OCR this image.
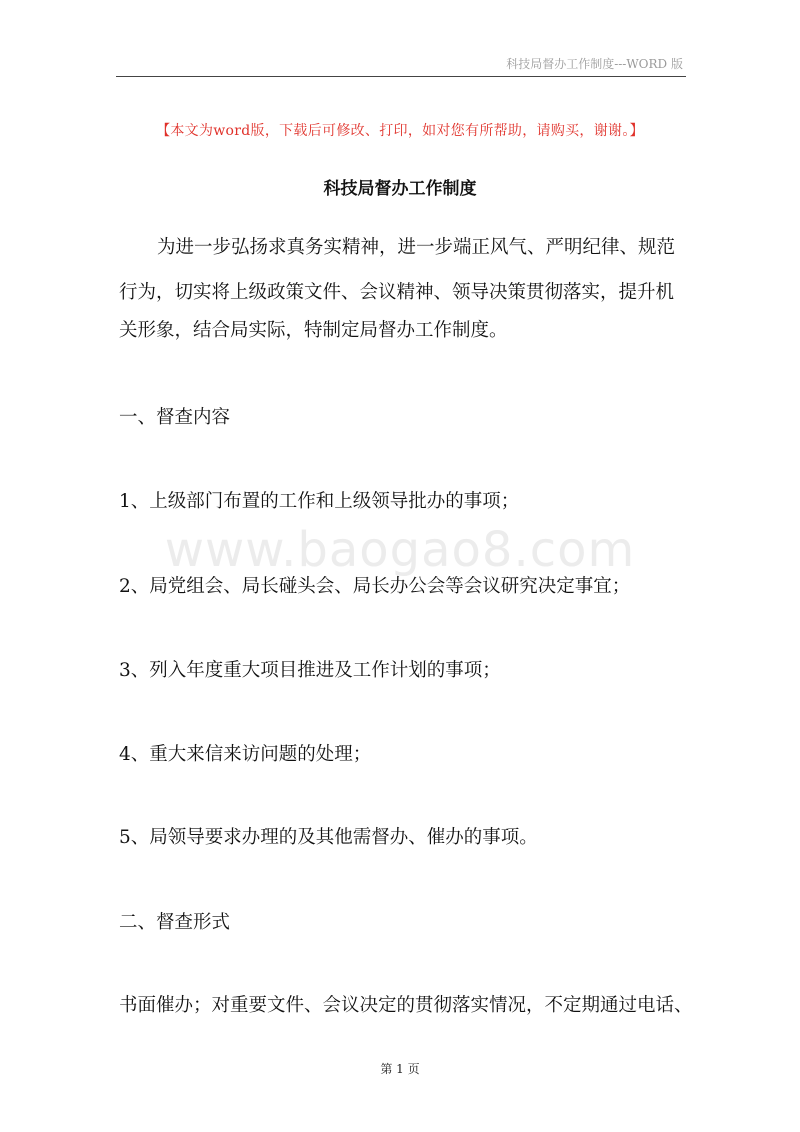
科技局督办工作制度---WORD 版
【本文为word版，下载后可修改、打印，如对您有所帮助，请购买，谢谢。】
科技局督办工作制度
为进一步弘扬求真务实精神，进一步端正风气、严明纪律、规范
行为，切实将上级政策文件、会议精神、领导决策贯彻落实，提升机
关形象，结合局实际，特制定局督办工作制度。
一、督查内容
1、上级部门布置的工作和上级领导批办的事项；
2、局党组会、局长碰头会、局长办公会等会议研究决定事宜；
3、列入年度重大项目推进及工作计划的事项；
4、重大来信来访问题的处理；
5、局领导要求办理的及其他需督办、催办的事项。
二、督查形式
书面催办；对重要文件、会议决定的贯彻落实情况，不定期通过电话、
www.baogao8.com
第 1 页
